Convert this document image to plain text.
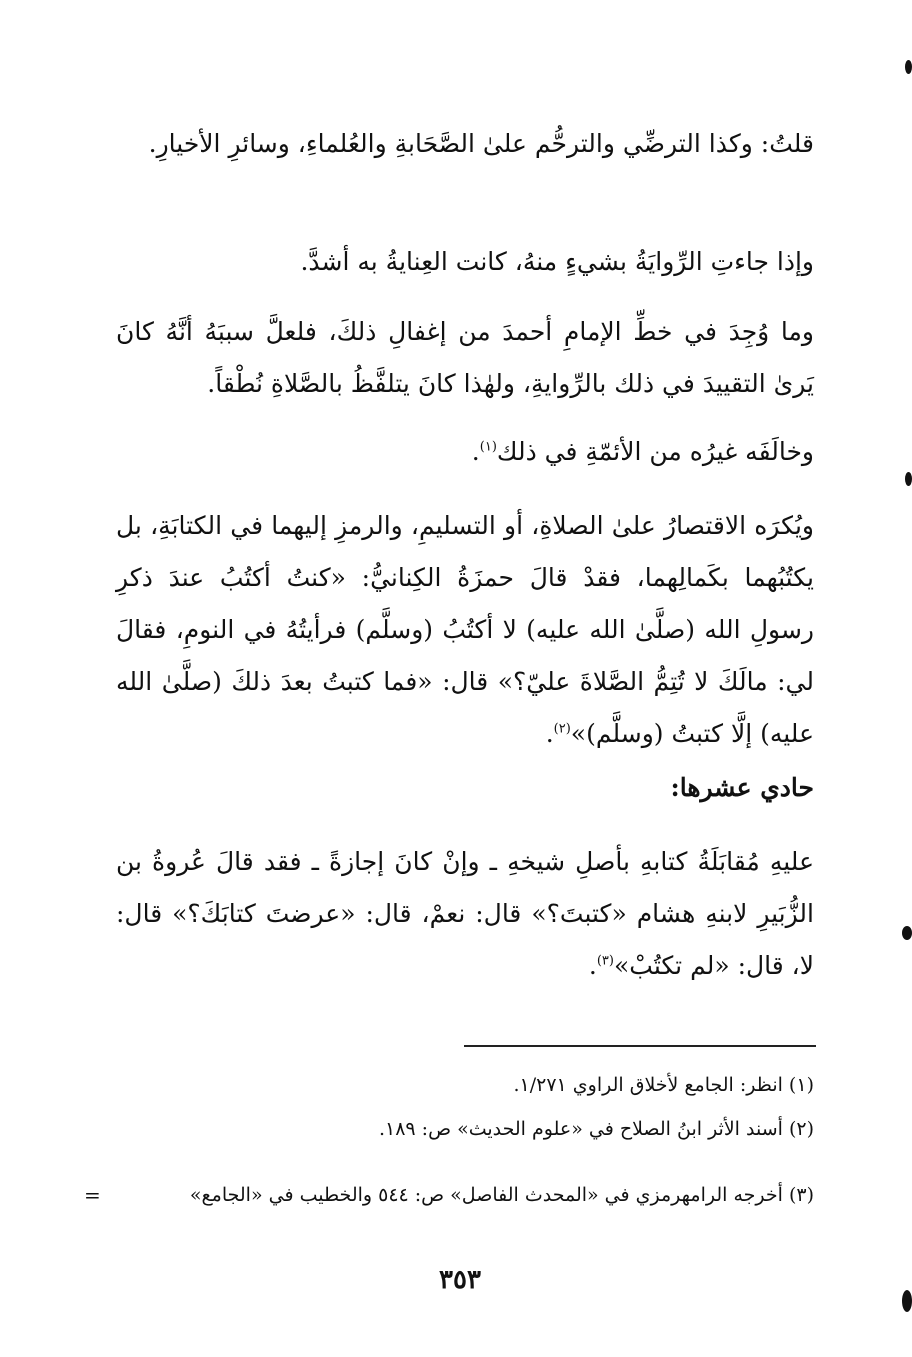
قلتُ: وكذا الترضِّي والترحُّم علىٰ الصَّحَابةِ والعُلماءِ، وسائرِ الأخيارِ.
وإذا جاءتِ الرِّوايَةُ بشيءٍ منهُ، كانت العِنايةُ به أشدَّ.
وما وُجِدَ في خطِّ الإمامِ أحمدَ من إغفالِ ذلكَ، فلعلَّ سببَهُ أنَّهُ كانَ يَرىٰ التقييدَ في ذلك بالرِّوايةِ، ولهٰذا كانَ يتلفَّظُ بالصَّلاةِ نُطْقاً.
وخالَفَه غيرُه من الأئمّةِ في ذلك$^{(١)}$.
ويُكرَه الاقتصارُ علىٰ الصلاةِ، أو التسليمِ، والرمزِ إليهما في الكتابَةِ، بل يكتُبُهما بكَمالِهما، فقدْ قالَ حمزَةُ الكِنانيُّ: «كنتُ أكتُبُ عندَ ذكرِ رسولِ الله (صلَّىٰ الله عليه) لا أكتُبُ (وسلَّم) فرأيتُهُ في النومِ، فقالَ لي: مالَكَ لا تُتِمُّ الصَّلاةَ عليّ؟» قال: «فما كتبتُ بعدَ ذلكَ (صلَّىٰ الله عليه) إلَّا كتبتُ (وسلَّم)»$^{(٢)}$.
حادي عشرها:
عليهِ مُقابَلَةُ كتابهِ بأصلِ شيخهِ ـ وإنْ كانَ إجازةً ـ فقد قالَ عُروةُ بن الزُّبَيرِ لابنهِ هشام «كتبتَ؟» قال: نعمْ، قال: «عرضتَ كتابَكَ؟» قال: لا، قال: «لم تكتُبْ»$^{(٣)}$.
(١) انظر: الجامع لأخلاق الراوي ١/٢٧١.
(٢) أسند الأثر ابنُ الصلاح في «علوم الحديث» ص: ١٨٩.
(٣) أخرجه الرامهرمزي في «المحدث الفاصل» ص: ٥٤٤ والخطيب في «الجامع»
=
٣٥٣
